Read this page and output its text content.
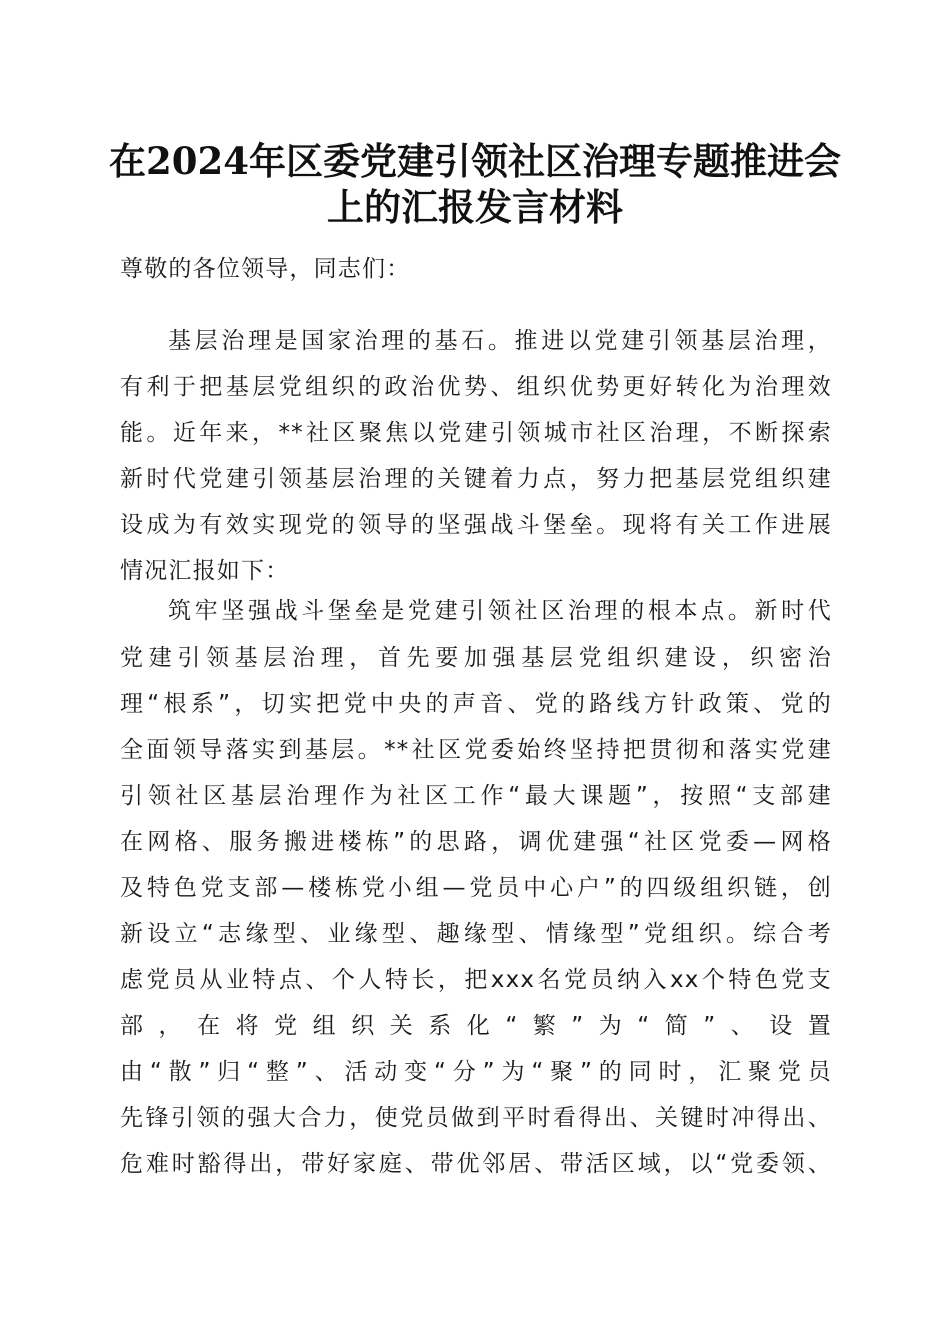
在2024年区委党建引领社区治理专题推进会
上的汇报发言材料
尊敬的各位领导，同志们：
基层治理是国家治理的基石。推进以党建引领基层治理，
有利于把基层党组织的政治优势、组织优势更好转化为治理效
能。近年来，**社区聚焦以党建引领城市社区治理，不断探索
新时代党建引领基层治理的关键着力点，努力把基层党组织建
设成为有效实现党的领导的坚强战斗堡垒。现将有关工作进展
情况汇报如下：
筑牢坚强战斗堡垒是党建引领社区治理的根本点。新时代
党建引领基层治理，首先要加强基层党组织建设，织密治
理“根系”，切实把党中央的声音、党的路线方针政策、党的
全面领导落实到基层。**社区党委始终坚持把贯彻和落实党建
引领社区基层治理作为社区工作“最大课题”，按照“支部建
在网格、服务搬进楼栋”的思路，调优建强“社区党委—网格
及特色党支部—楼栋党小组—党员中心户”的四级组织链，创
新设立“志缘型、业缘型、趣缘型、情缘型”党组织。综合考
虑党员从业特点、个人特长，把xxx名党员纳入xx个特色党支
部，在将党组织关系化“繁”为“简”、设置
由“散”归“整”、活动变“分”为“聚”的同时，汇聚党员
先锋引领的强大合力，使党员做到平时看得出、关键时冲得出、
危难时豁得出，带好家庭、带优邻居、带活区域，以“党委领、
